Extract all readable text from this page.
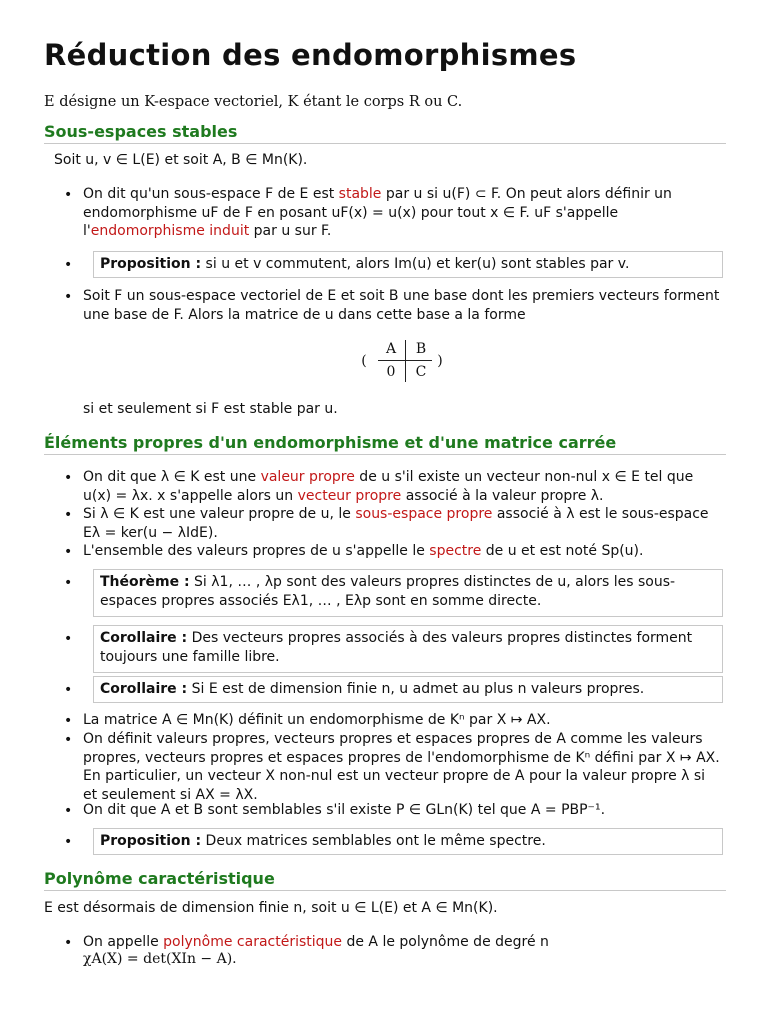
Réduction des endomorphismes
E désigne un K-espace vectoriel, K étant le corps R ou C.
Sous-espaces stables
Soit u, v ∈ L(E) et soit A, B ∈ Mn(K).
• On dit qu'un sous-espace F de E est stable par u si u(F) ⊂ F. On peut alors définir un endomorphisme uF de F en posant uF(x) = u(x) pour tout x ∈ F. uF s'appelle l'endomorphisme induit par u sur F.
•	Proposition : si u et v commutent, alors Im(u) et ker(u) sont stables par v.
• Soit F un sous-espace vectoriel de E et soit B une base dont les premiers vecteurs forment une base de F. Alors la matrice de u dans cette base a la forme
(
A	B
0	C
)
si et seulement si F est stable par u.
Éléments propres d'un endomorphisme et d'une matrice carrée
• On dit que λ ∈ K est une valeur propre de u s'il existe un vecteur non-nul x ∈ E tel que u(x) = λx. x s'appelle alors un vecteur propre associé à la valeur propre λ.
• Si λ ∈ K est une valeur propre de u, le sous-espace propre associé à λ est le sous-espace Eλ = ker(u − λIdE).
• L'ensemble des valeurs propres de u s'appelle le spectre de u et est noté Sp(u).
•	Théorème : Si λ1, … , λp sont des valeurs propres distinctes de u, alors les sous-espaces propres associés Eλ1, … , Eλp sont en somme directe.
•	Corollaire : Des vecteurs propres associés à des valeurs propres distinctes forment toujours une famille libre.
•	Corollaire : Si E est de dimension finie n, u admet au plus n valeurs propres.
• La matrice A ∈ Mn(K) définit un endomorphisme de Kⁿ par X ↦ AX.
• On définit valeurs propres, vecteurs propres et espaces propres de A comme les valeurs propres, vecteurs propres et espaces propres de l'endomorphisme de Kⁿ défini par X ↦ AX. En particulier, un vecteur X non-nul est un vecteur propre de A pour la valeur propre λ si et seulement si AX = λX.
• On dit que A et B sont semblables s'il existe P ∈ GLn(K) tel que A = PBP⁻¹.
•	Proposition : Deux matrices semblables ont le même spectre.
Polynôme caractéristique
E est désormais de dimension finie n, soit u ∈ L(E) et A ∈ Mn(K).
• On appelle polynôme caractéristique de A le polynôme de degré n
χA(X) = det(XIn − A).
